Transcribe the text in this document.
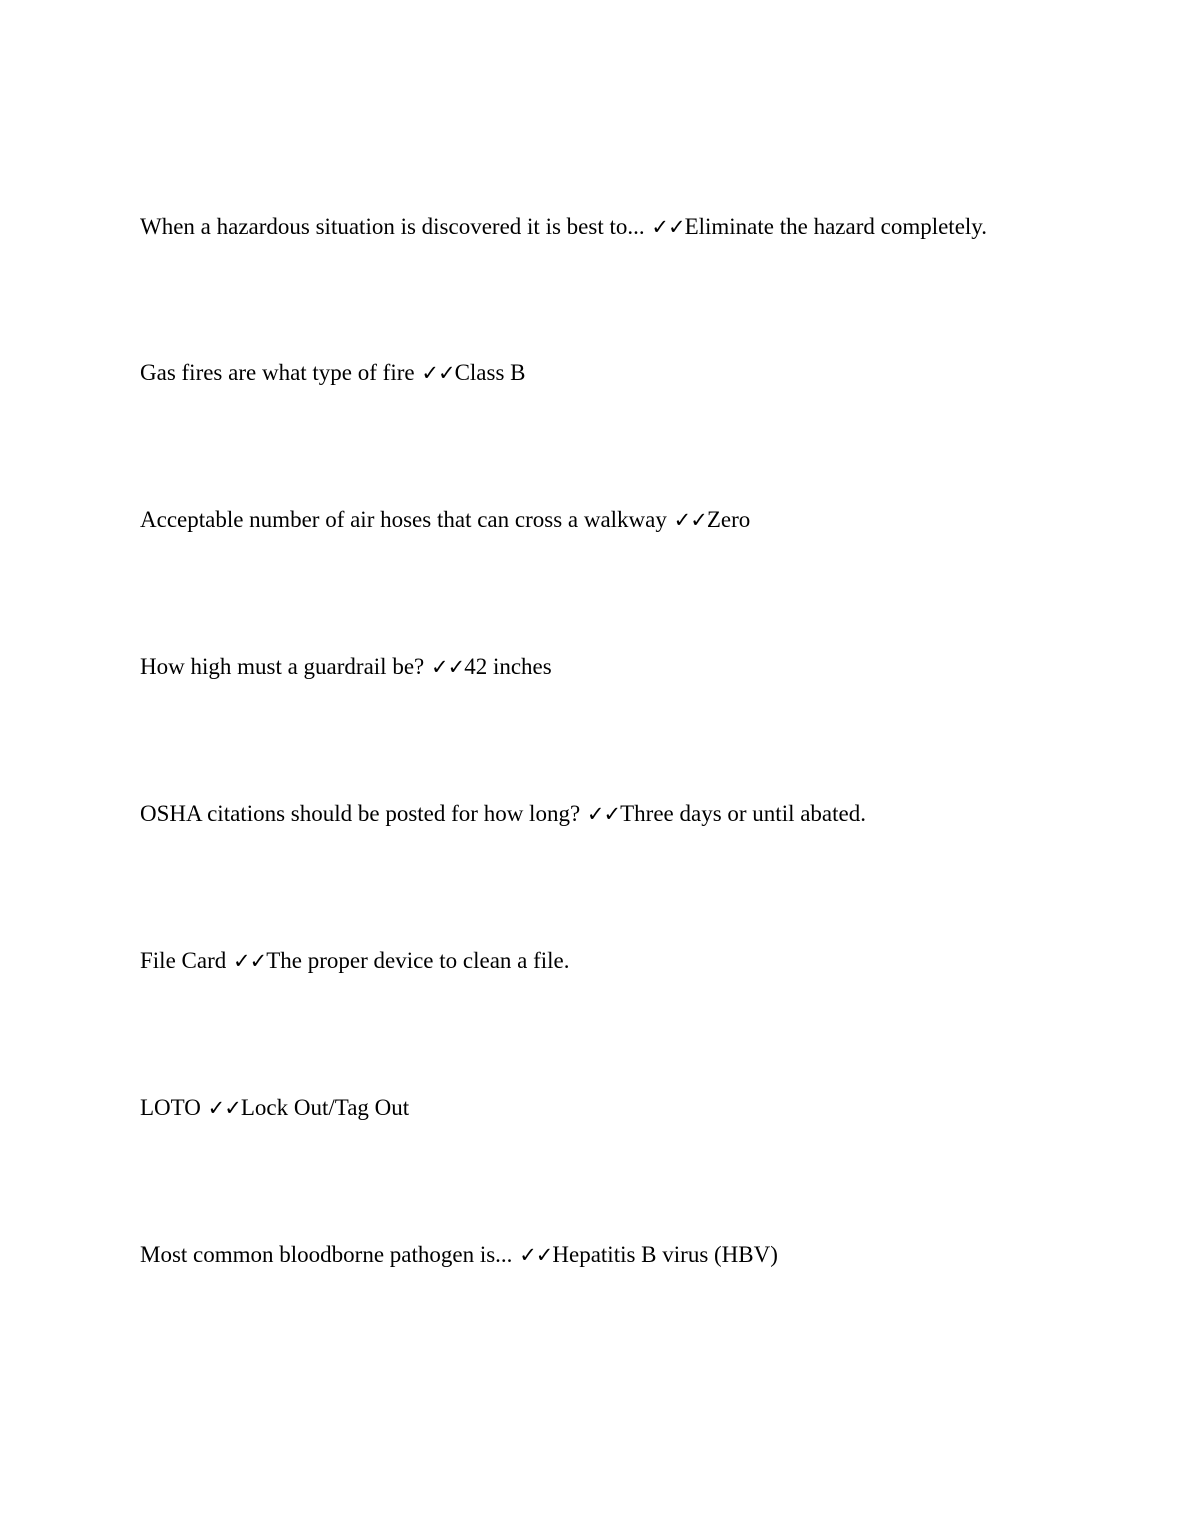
When a hazardous situation is discovered it is best to... ✓✓Eliminate the hazard completely.

Gas fires are what type of fire ✓✓Class B

Acceptable number of air hoses that can cross a walkway ✓✓Zero

How high must a guardrail be? ✓✓42 inches

OSHA citations should be posted for how long? ✓✓Three days or until abated.

File Card ✓✓The proper device to clean a file.

LOTO ✓✓Lock Out/Tag Out

Most common bloodborne pathogen is... ✓✓Hepatitis B virus (HBV)
